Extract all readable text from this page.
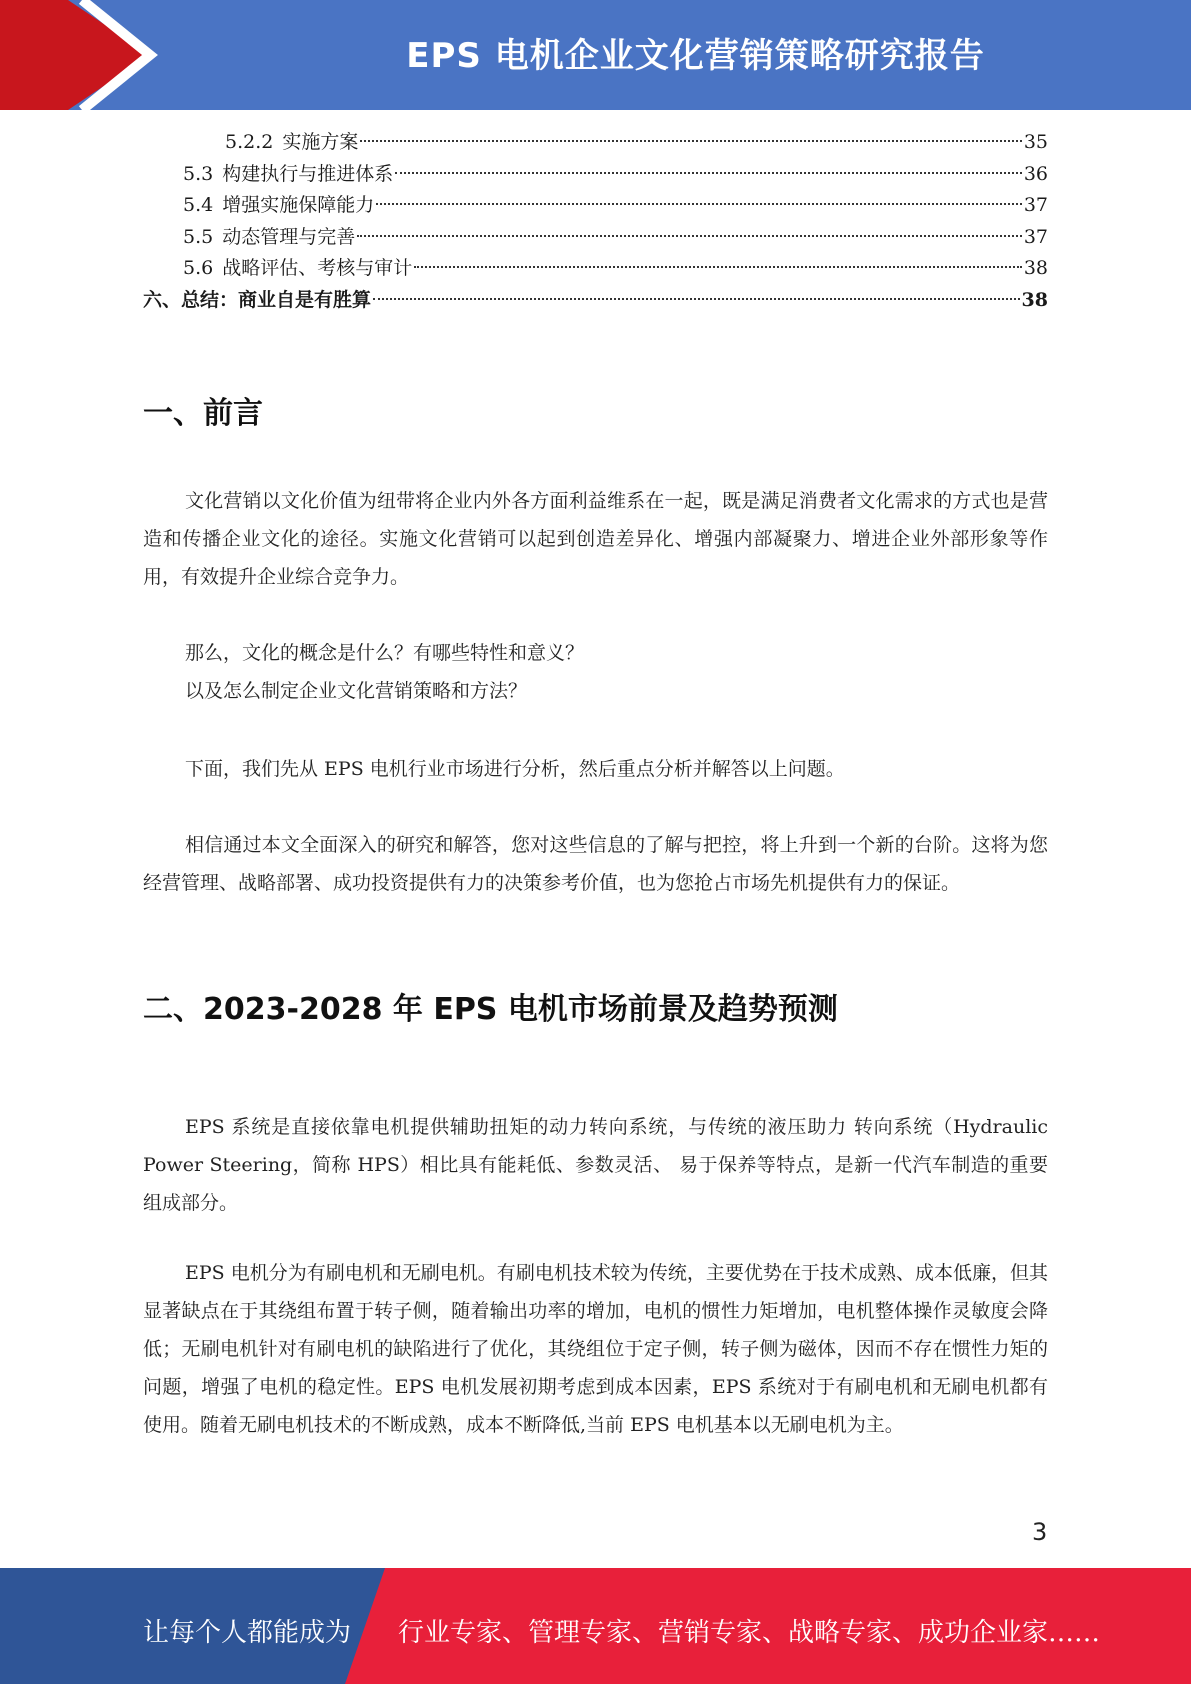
EPS 电机企业文化营销策略研究报告
5.2.2 实施方案	35
5.3 构建执行与推进体系	36
5.4 增强实施保障能力	37
5.5 动态管理与完善	37
5.6 战略评估、考核与审计	38
六、总结：商业自是有胜算	38
一、前言

文化营销以文化价值为纽带将企业内外各方面利益维系在一起，既是满足消费者文化需求的方式也是营造和传播企业文化的途径。实施文化营销可以起到创造差异化、增强内部凝聚力、增进企业外部形象等作用，有效提升企业综合竞争力。

那么，文化的概念是什么？有哪些特性和意义？

以及怎么制定企业文化营销策略和方法？

下面，我们先从 EPS 电机行业市场进行分析，然后重点分析并解答以上问题。

相信通过本文全面深入的研究和解答，您对这些信息的了解与把控，将上升到一个新的台阶。这将为您经营管理、战略部署、成功投资提供有力的决策参考价值，也为您抢占市场先机提供有力的保证。

二、2023-2028 年 EPS 电机市场前景及趋势预测

EPS 系统是直接依靠电机提供辅助扭矩的动力转向系统，与传统的液压助力 转向系统（Hydraulic Power Steering，简称 HPS）相比具有能耗低、参数灵活、 易于保养等特点，是新一代汽车制造的重要组成部分。

EPS 电机分为有刷电机和无刷电机。有刷电机技术较为传统，主要优势在于技术成熟、成本低廉，但其显著缺点在于其绕组布置于转子侧，随着输出功率的增加，电机的惯性力矩增加，电机整体操作灵敏度会降低；无刷电机针对有刷电机的缺陷进行了优化，其绕组位于定子侧，转子侧为磁体，因而不存在惯性力矩的问题，增强了电机的稳定性。EPS 电机发展初期考虑到成本因素，EPS 系统对于有刷电机和无刷电机都有使用。随着无刷电机技术的不断成熟，成本不断降低,当前 EPS 电机基本以无刷电机为主。

3
让每个人都能成为 行业专家、管理专家、营销专家、战略专家、成功企业家……
